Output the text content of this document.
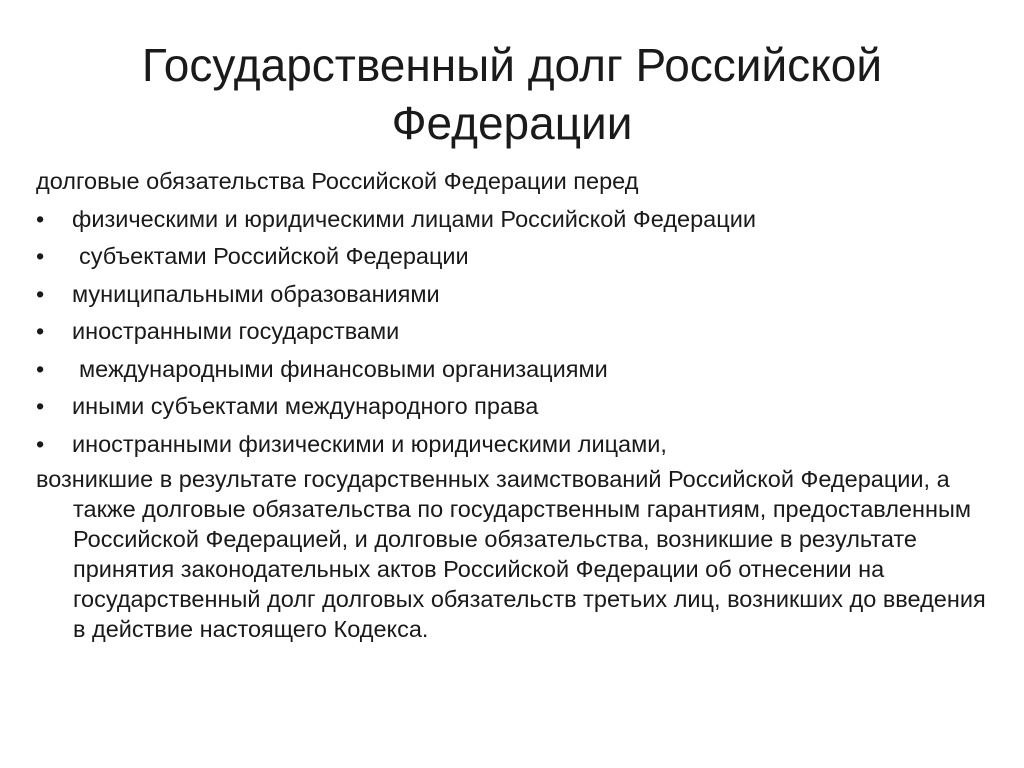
Государственный долг Российской Федерации

долговые обязательства Российской Федерации перед

• физическими и юридическими лицами Российской Федерации
• субъектами Российской Федерации
• муниципальными образованиями
• иностранными государствами
• международными финансовыми организациями
• иными субъектами международного права
• иностранными физическими и юридическими лицами,

возникшие в результате государственных заимствований Российской Федерации, а также долговые обязательства по государственным гарантиям, предоставленным Российской Федерацией, и долговые обязательства, возникшие в результате принятия законодательных актов Российской Федерации об отнесении на государственный долг долговых обязательств третьих лиц, возникших до введения в действие настоящего Кодекса.
